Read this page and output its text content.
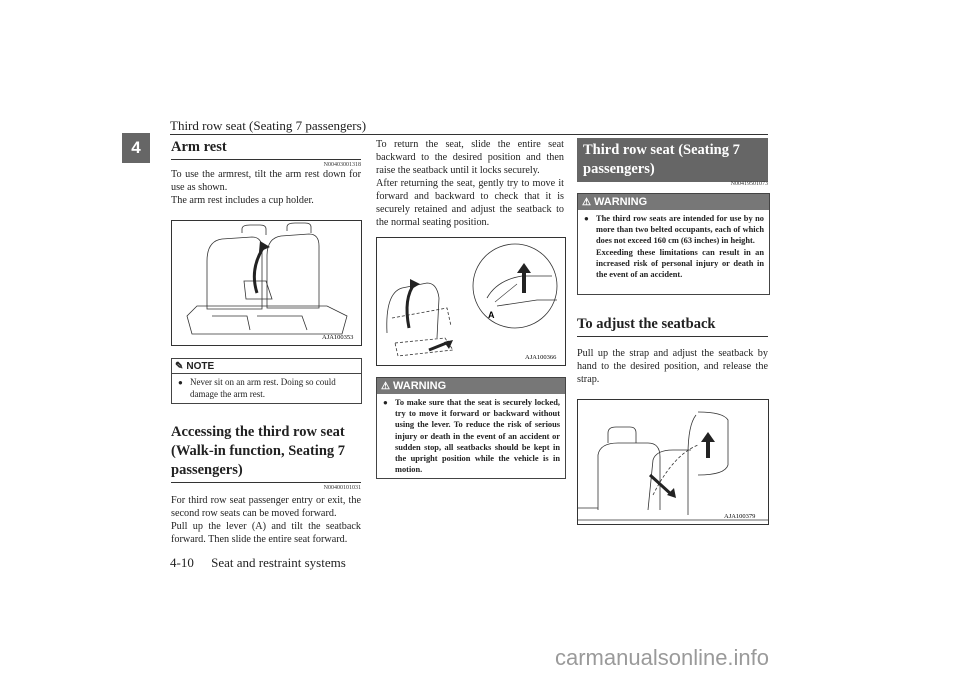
Third row seat (Seating 7 passengers)
4	Arm rest
N00403001318
To use the armrest, tilt the arm rest down for use as shown.
The arm rest includes a cup holder.
AJA100353
✎ NOTE
● Never sit on an arm rest. Doing so could damage the arm rest.
Accessing the third row seat (Walk-in function, Seating 7 passengers)
N00400101031
For third row seat passenger entry or exit, the second row seats can be moved forward.
Pull up the lever (A) and tilt the seatback forward. Then slide the entire seat forward.
To return the seat, slide the entire seat backward to the desired position and then raise the seatback until it locks securely.
After returning the seat, gently try to move it forward and backward to check that it is securely retained and adjust the seatback to the normal seating position.
A
AJA100366
⚠ WARNING
● To make sure that the seat is securely locked, try to move it forward or backward without using the lever. To reduce the risk of serious injury or death in the event of an accident or sudden stop, all seatbacks should be kept in the upright position while the vehicle is in motion.
Third row seat (Seating 7 passengers)
N00419501073
⚠ WARNING
● The third row seats are intended for use by no more than two belted occupants, each of which does not exceed 160 cm (63 inches) in height.
Exceeding these limitations can result in an increased risk of personal injury or death in the event of an accident.
To adjust the seatback
Pull up the strap and adjust the seatback by hand to the desired position, and release the strap.
AJA100379
4-10 Seat and restraint systems
carmanualsonline.info
